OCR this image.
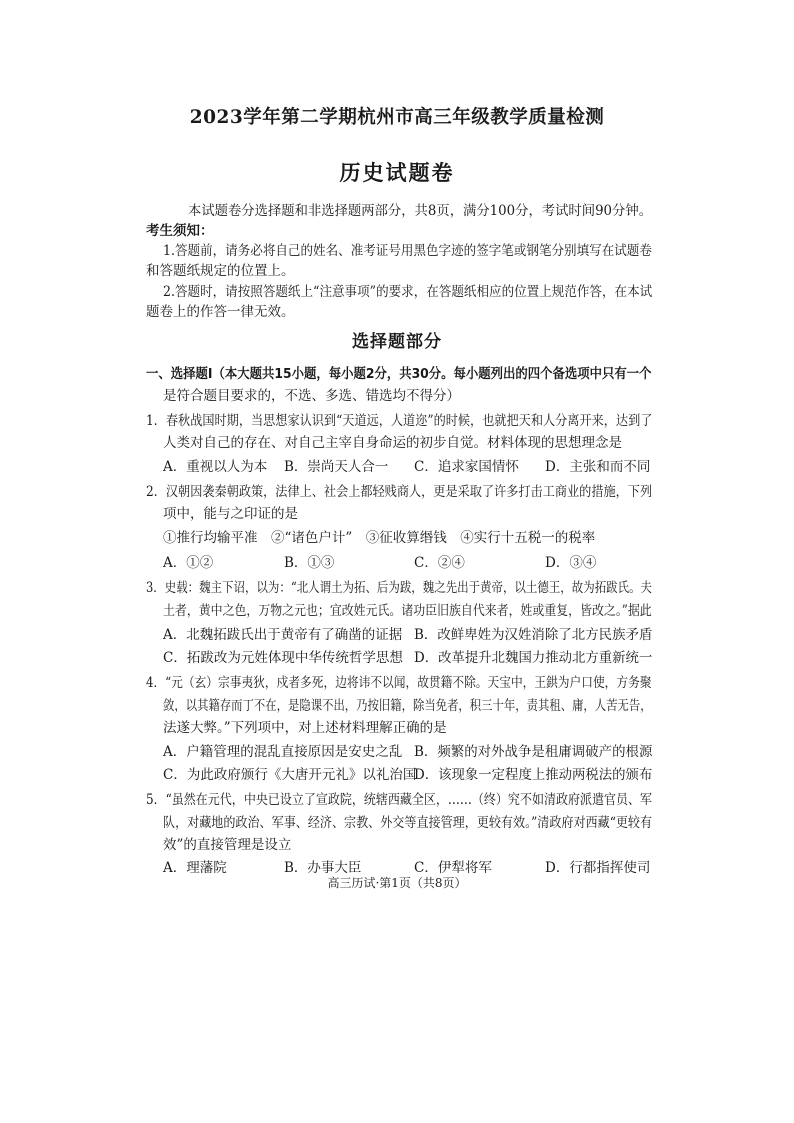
2023学年第二学期杭州市高三年级教学质量检测
历史试题卷
本试题卷分选择题和非选择题两部分，共8页，满分100分，考试时间90分钟。
考生须知：
1.答题前，请务必将自己的姓名、准考证号用黑色字迹的签字笔或钢笔分别填写在试题卷
和答题纸规定的位置上。
2.答题时，请按照答题纸上“注意事项”的要求，在答题纸相应的位置上规范作答，在本试
题卷上的作答一律无效。
选择题部分
一、选择题Ⅰ（本大题共15小题，每小题2分，共30分。每小题列出的四个备选项中只有一个
是符合题目要求的，不选、多选、错选均不得分）
1．春秋战国时期，当思想家认识到“天道远，人道迩”的时候，也就把天和人分离开来，达到了
人类对自己的存在、对自己主宰自身命运的初步自觉。材料体现的思想理念是
A．重视以人为本 B．崇尚天人合一 C．追求家国情怀 D．主张和而不同
2．汉朝因袭秦朝政策，法律上、社会上都轻贱商人，更是采取了许多打击工商业的措施，下列
项中，能与之印证的是
①推行均输平准　②“诸色户计”　③征收算缗钱　④实行十五税一的税率
A．①②	B．①③	C．②④	D．③④
3．史载：魏主下诏，以为：“北人谓土为拓、后为跋，魏之先出于黄帝，以土德王，故为拓跋氏。夫
土者，黄中之色，万物之元也；宜改姓元氏。诸功臣旧族自代来者，姓或重复，皆改之。”据此
A．北魏拓跋氏出于黄帝有了确凿的证据 B．改鲜卑姓为汉姓消除了北方民族矛盾
C．拓跋改为元姓体现中华传统哲学思想 D．改革提升北魏国力推动北方重新统一
4．“元（玄）宗事夷狄，戍者多死，边将讳不以闻，故贯籍不除。天宝中，王鉷为户口使，方务聚
敛，以其籍存而丁不在，是隐课不出，乃按旧籍，除当免者，积三十年，责其租、庸，人苦无告，
法遂大弊。”下列项中，对上述材料理解正确的是
A．户籍管理的混乱直接原因是安史之乱 B．频繁的对外战争是租庸调破产的根源
C．为此政府颁行《大唐开元礼》以礼治国
D．该现象一定程度上推动两税法的颁布
5．“虽然在元代，中央已设立了宣政院，统辖西藏全区，……（终）究不如清政府派遣官员、军
队，对藏地的政治、军事、经济、宗教、外交等直接管理，更较有效。”清政府对西藏“更较有
效”的直接管理是设立
A．理藩院	B．办事大臣	C．伊犁将军	D．行都指挥使司
高三历试·第1页（共8页）
